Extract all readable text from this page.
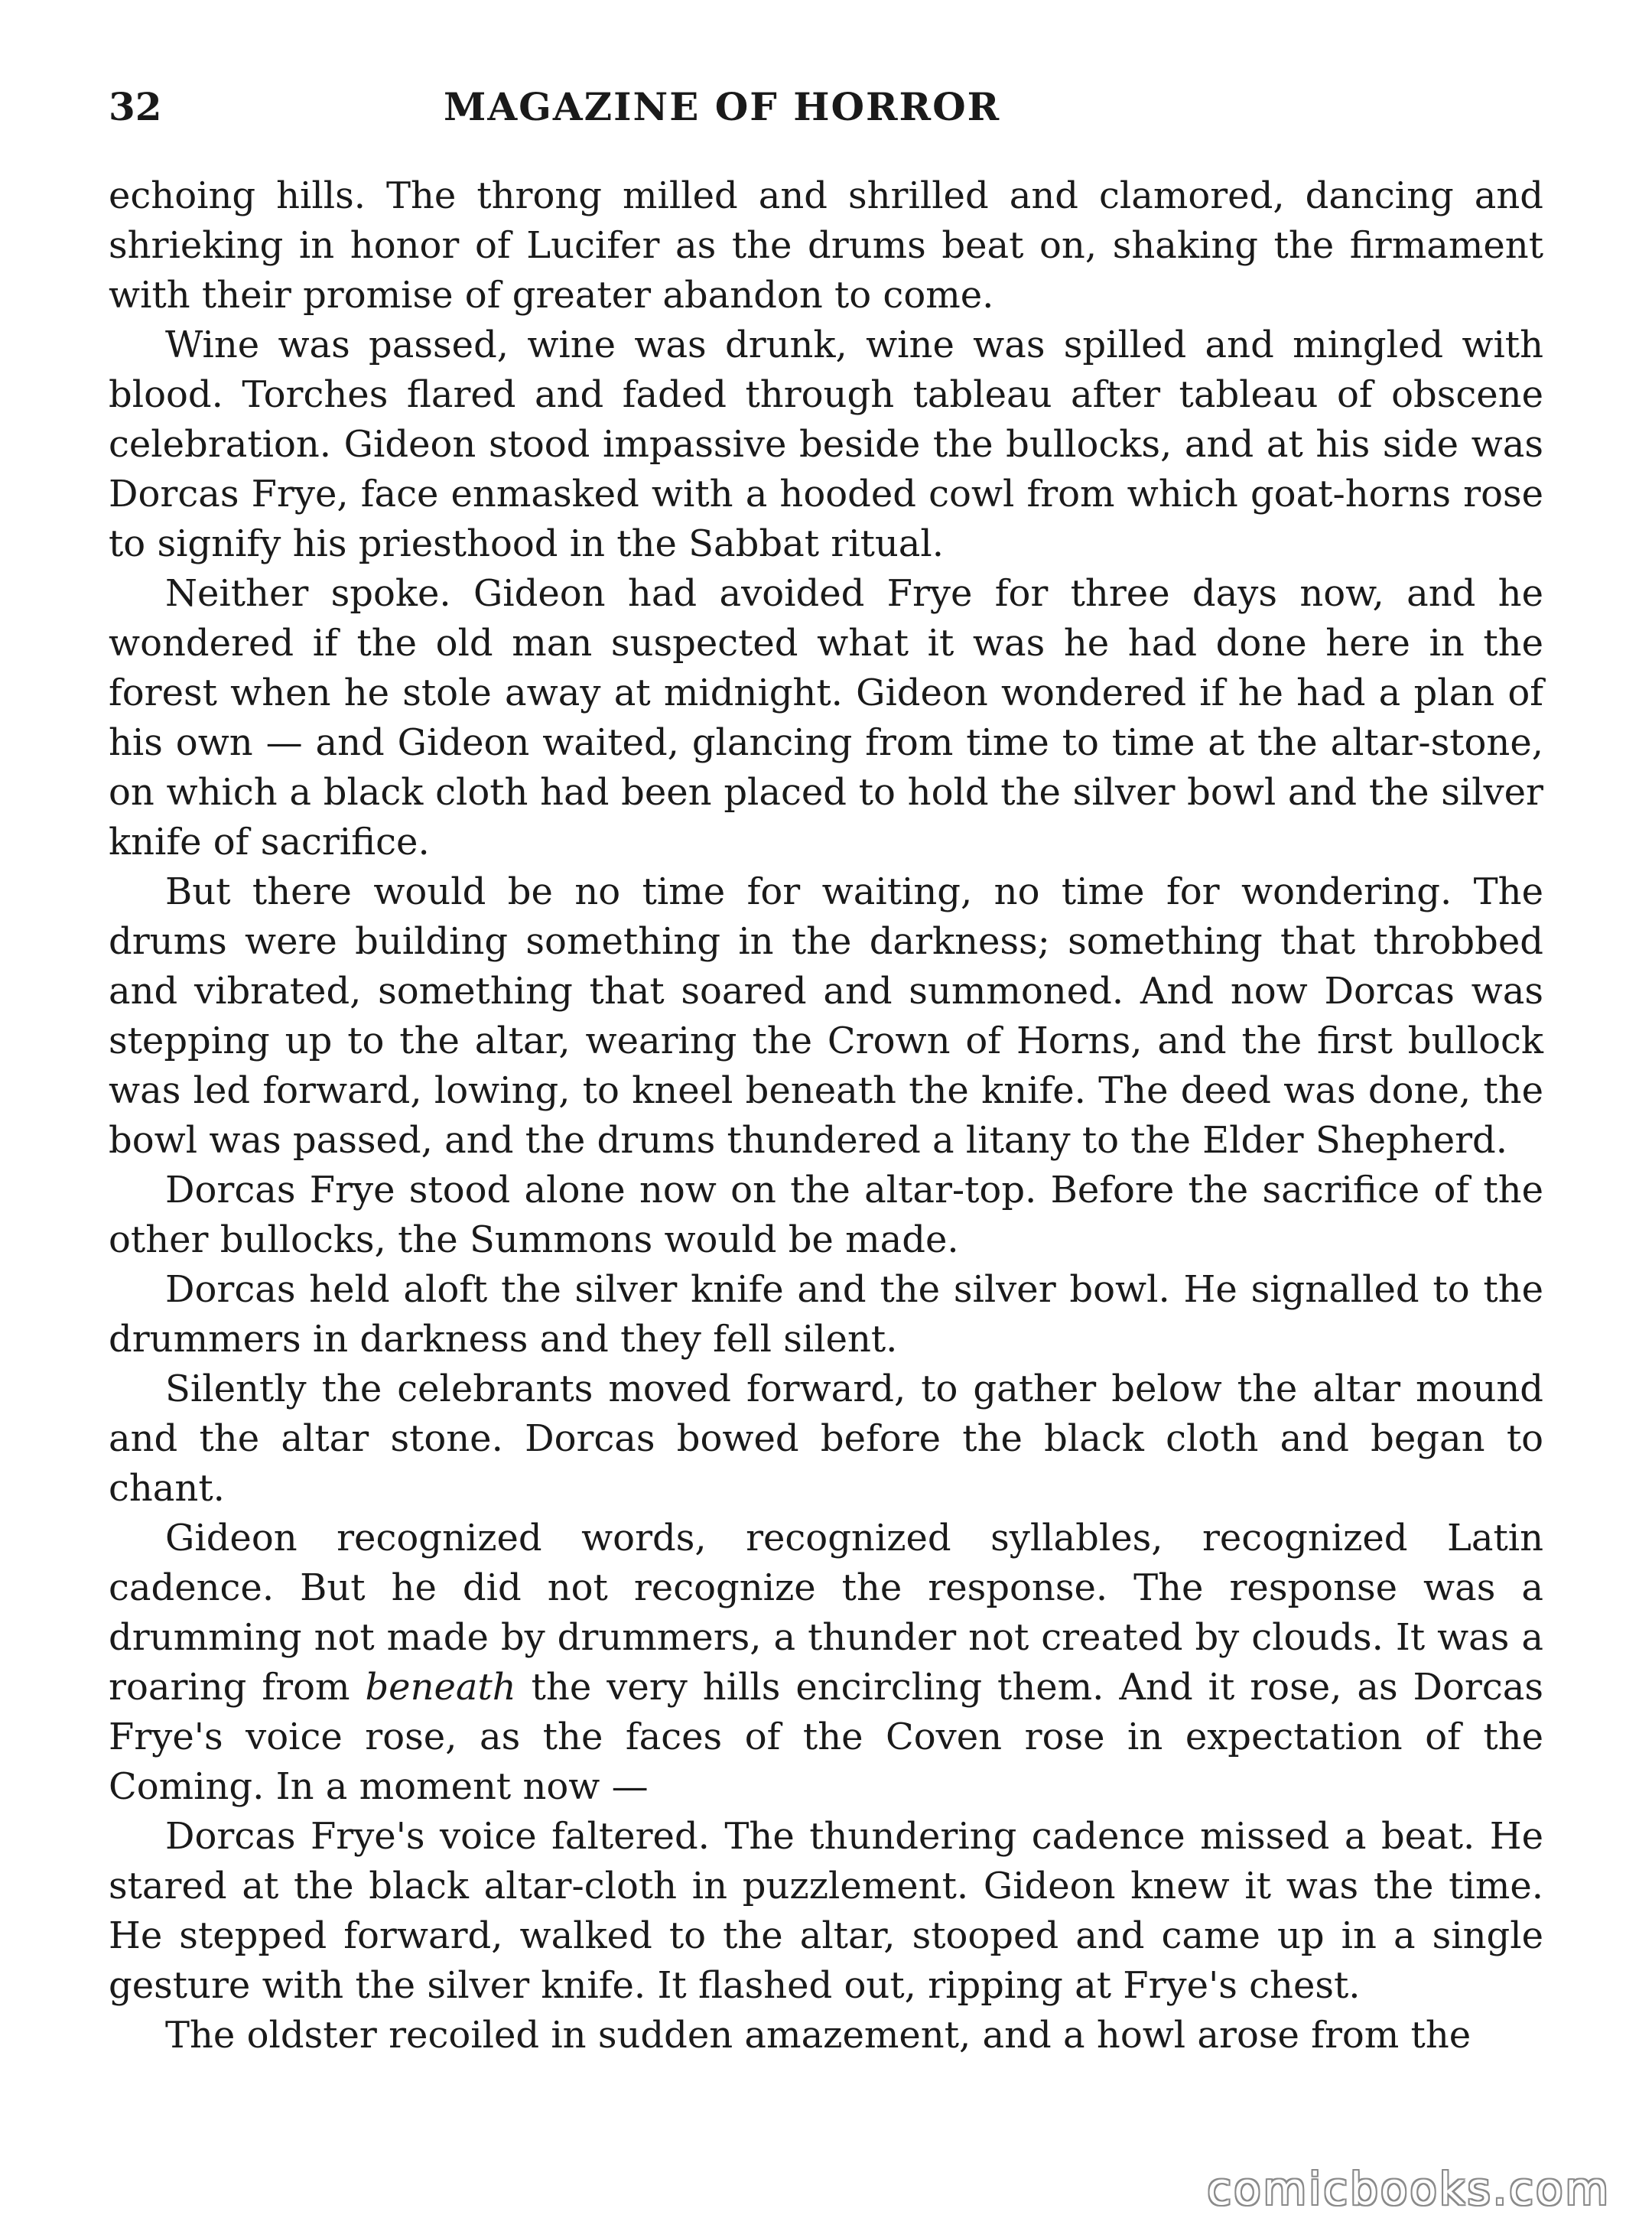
32	MAGAZINE OF HORROR

echoing hills. The throng milled and shrilled and clamored, dancing and shrieking in honor of Lucifer as the drums beat on, shaking the firmament with their promise of greater abandon to come.

Wine was passed, wine was drunk, wine was spilled and mingled with blood. Torches flared and faded through tableau after tableau of obscene celebration. Gideon stood impassive beside the bullocks, and at his side was Dorcas Frye, face enmasked with a hooded cowl from which goat-horns rose to signify his priesthood in the Sabbat ritual.

Neither spoke. Gideon had avoided Frye for three days now, and he wondered if the old man suspected what it was he had done here in the forest when he stole away at midnight. Gideon wondered if he had a plan of his own — and Gideon waited, glancing from time to time at the altar-stone, on which a black cloth had been placed to hold the silver bowl and the silver knife of sacrifice.

But there would be no time for waiting, no time for wondering. The drums were building something in the darkness; something that throbbed and vibrated, something that soared and summoned. And now Dorcas was stepping up to the altar, wearing the Crown of Horns, and the first bullock was led forward, lowing, to kneel beneath the knife. The deed was done, the bowl was passed, and the drums thundered a litany to the Elder Shepherd.

Dorcas Frye stood alone now on the altar-top. Before the sacrifice of the other bullocks, the Summons would be made.

Dorcas held aloft the silver knife and the silver bowl. He signalled to the drummers in darkness and they fell silent.

Silently the celebrants moved forward, to gather below the altar mound and the altar stone. Dorcas bowed before the black cloth and began to chant.

Gideon recognized words, recognized syllables, recognized Latin cadence. But he did not recognize the response. The response was a drumming not made by drummers, a thunder not created by clouds. It was a roaring from beneath the very hills encircling them. And it rose, as Dorcas Frye's voice rose, as the faces of the Coven rose in expectation of the Coming. In a moment now —

Dorcas Frye's voice faltered. The thundering cadence missed a beat. He stared at the black altar-cloth in puzzlement. Gideon knew it was the time. He stepped forward, walked to the altar, stooped and came up in a single gesture with the silver knife. It flashed out, ripping at Frye's chest.

The oldster recoiled in sudden amazement, and a howl arose from the

comicbooks.com
